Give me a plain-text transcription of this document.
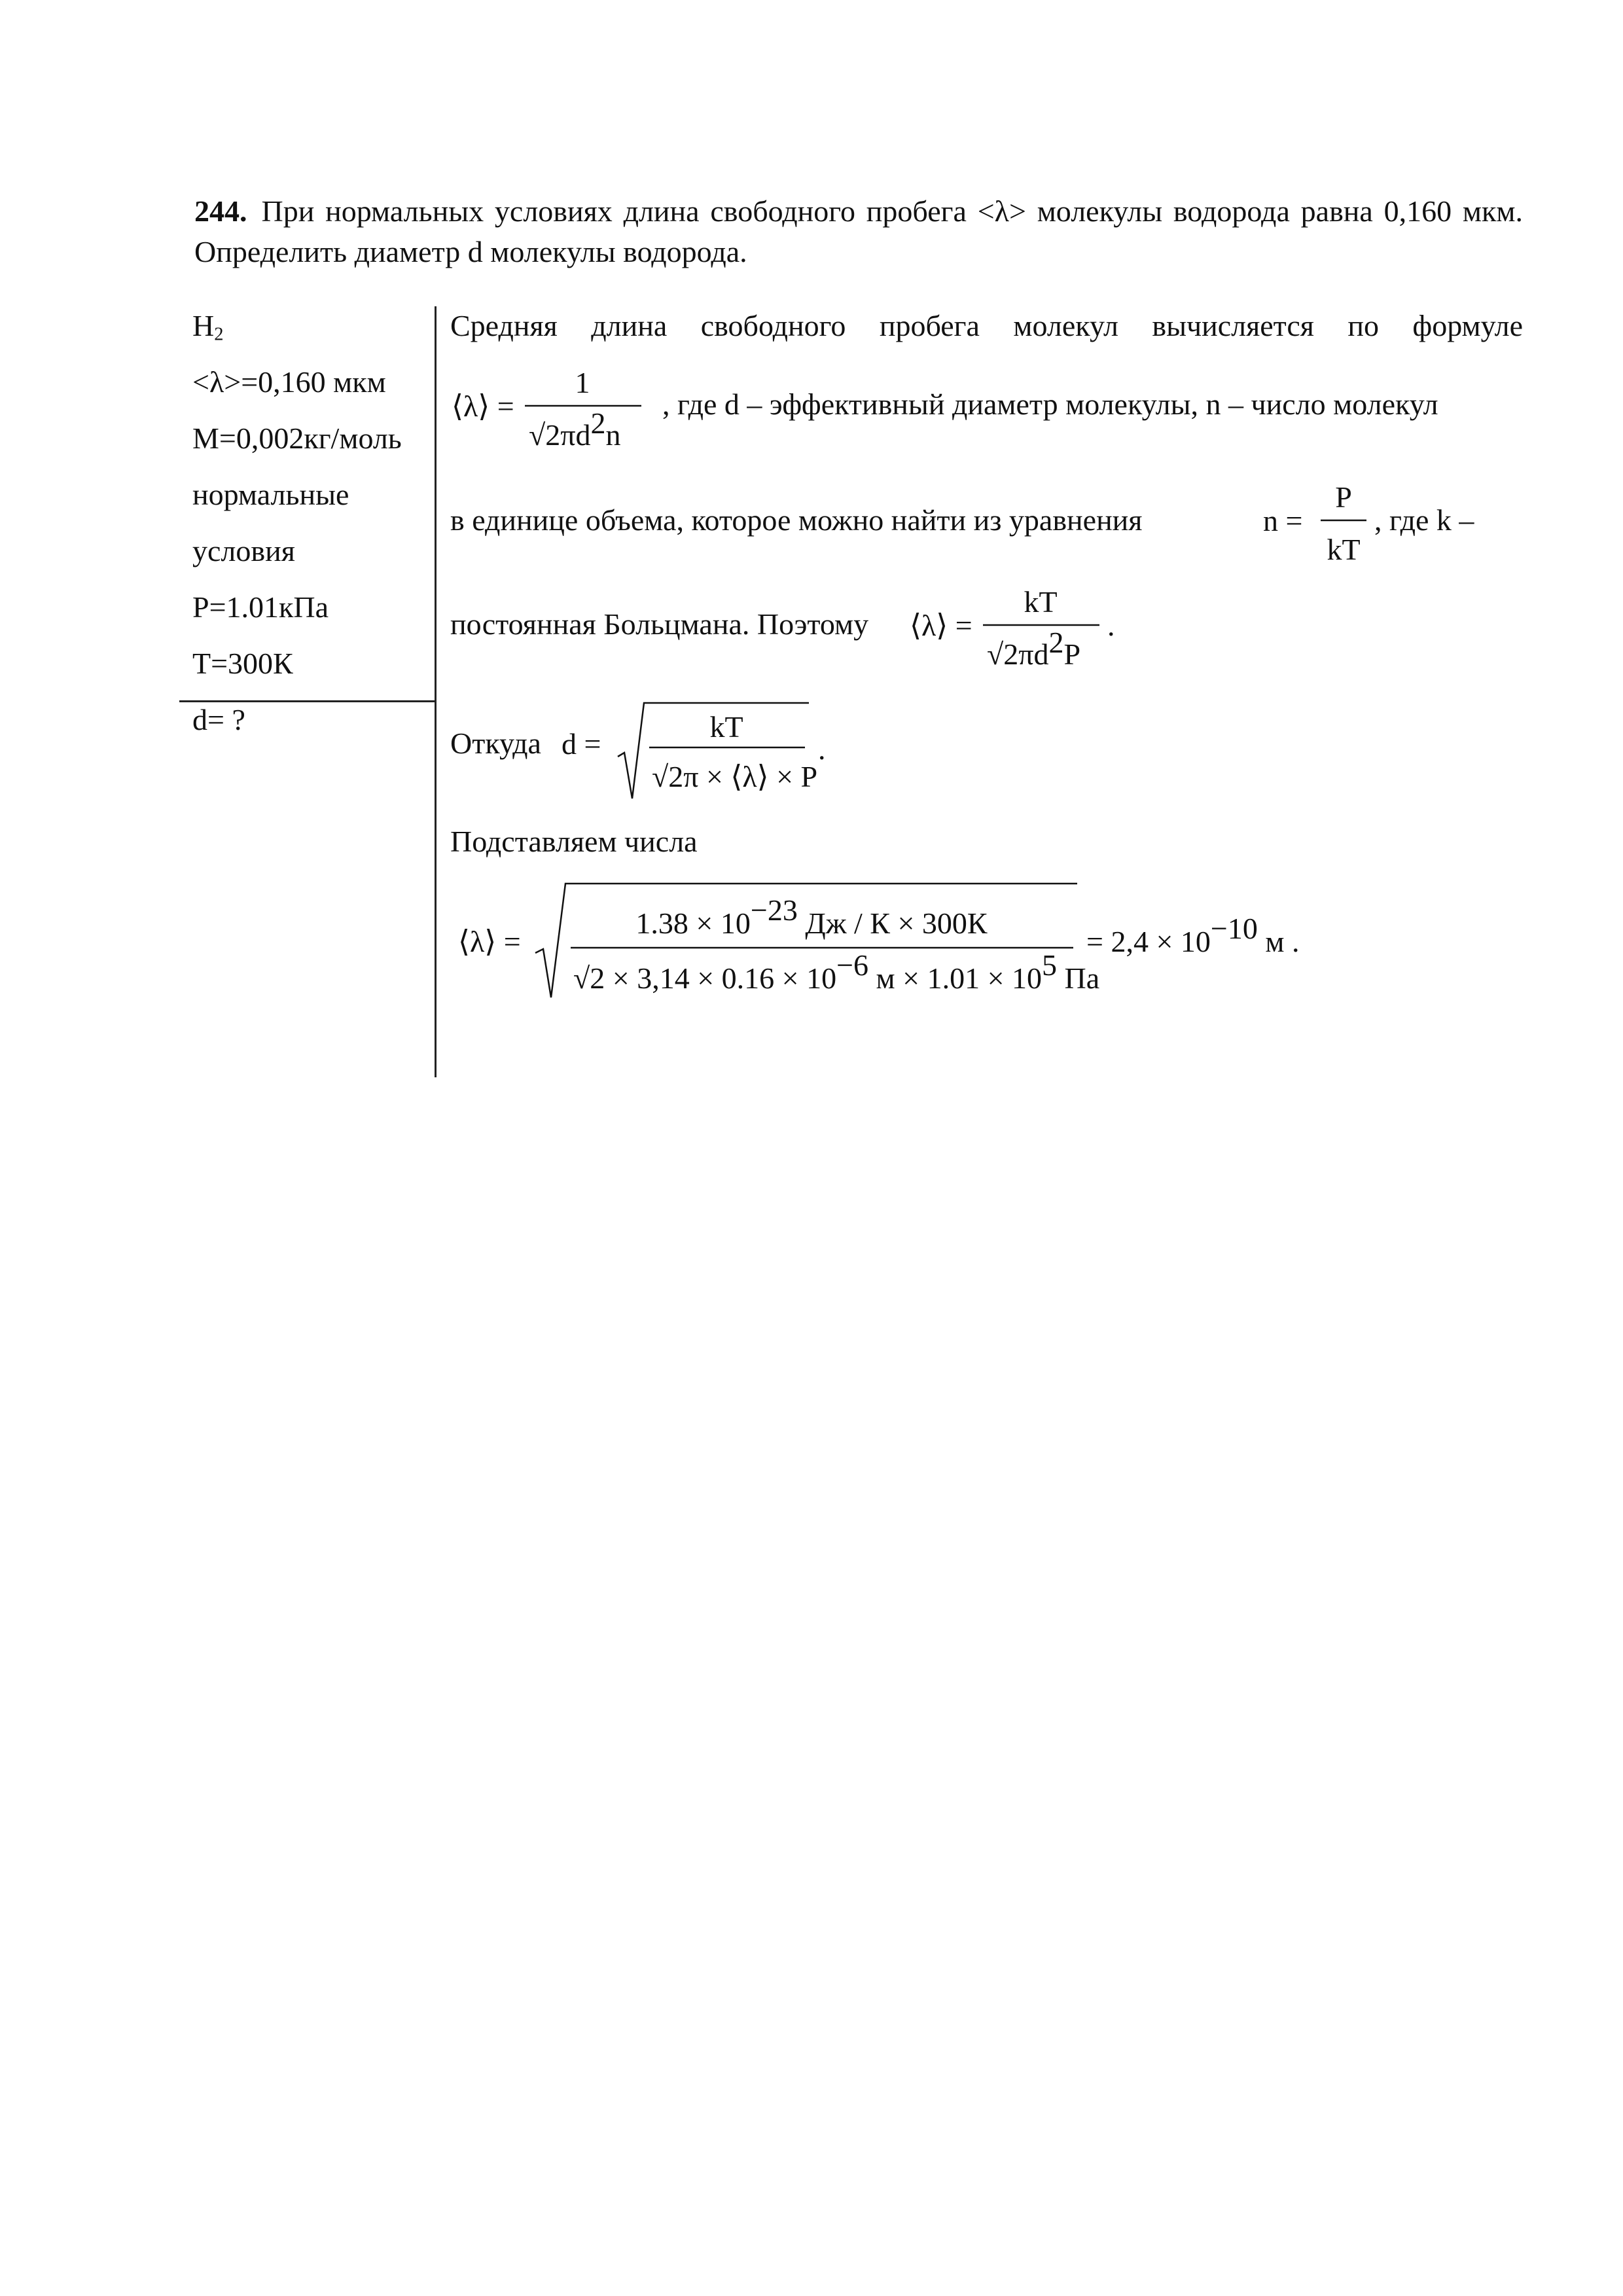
244. При нормальных условиях длина свободного пробега <λ> молекулы водорода равна 0,160 мкм. Определить диаметр d молекулы водорода.
$H_2$
<λ>=0,160 мкм
M=0,002кг/моль
нормальные
условия
P=1.01кПа
T=300К
d= ?
Средняя длина свободного пробега молекул вычисляется по формуле
⟨λ⟩ =
1
√2πd2n
, где d – эффективный диаметр молекулы, n – число молекул
в единице объема, которое можно найти из уравнения	n =
P
kT
, где k –
постоянная Больцмана. Поэтому ⟨λ⟩ =
kT
√2πd2P
.
Откуда d =
kT
√2π × ⟨λ⟩ × P
.
Подставляем числа
⟨λ⟩ =
1.38 × 10−23 Дж / К × 300К
√2 × 3,14 × 0.16 × 10−6 м × 1.01 × 105 Па
= 2,4 × 10−10 м .
